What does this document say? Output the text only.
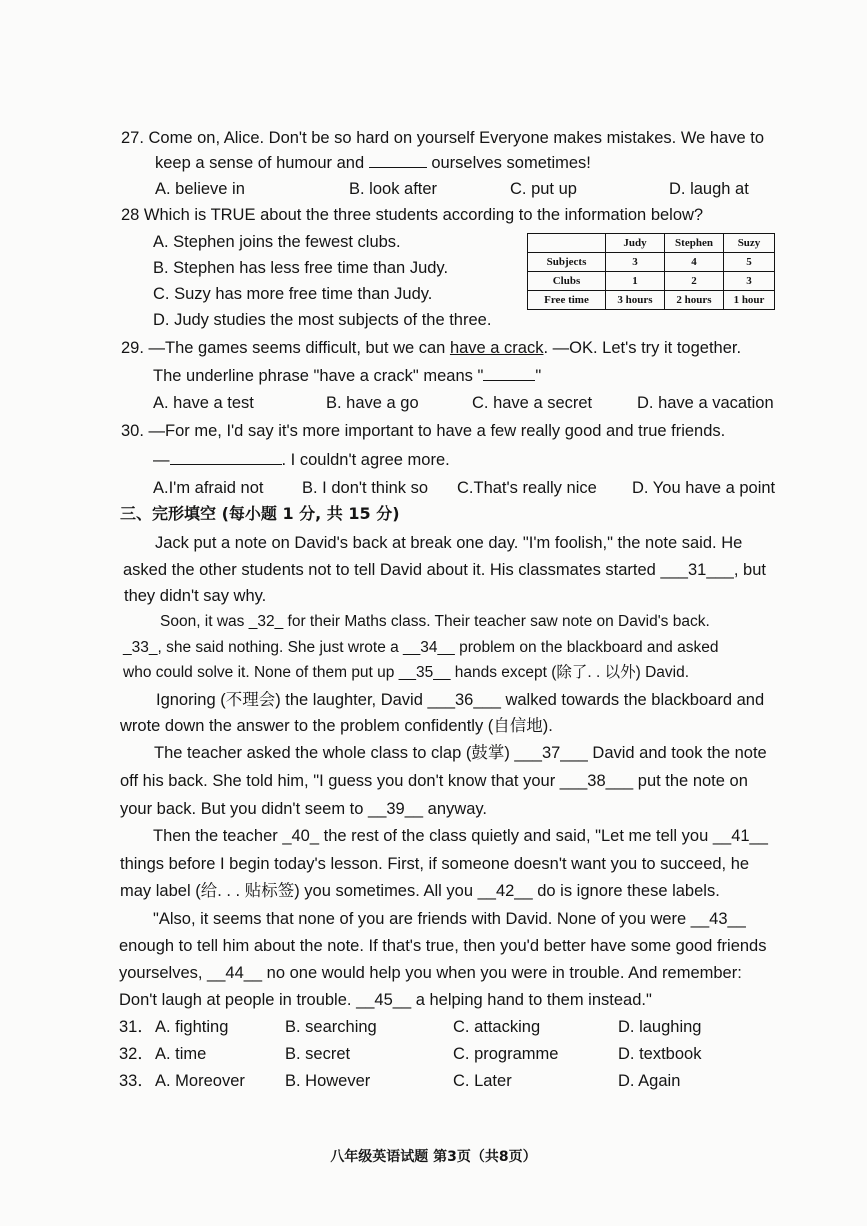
27. Come on, Alice. Don't be so hard on yourself Everyone makes mistakes. We have to
keep a sense of humour and	ourselves sometimes!
A. believe in	B. look after	C. put up	D. laugh at
28 Which is TRUE about the three students according to the information below?
A. Stephen joins the fewest clubs.
B. Stephen has less free time than Judy.
C. Suzy has more free time than Judy.
D. Judy studies the most subjects of the three.
	Judy	Stephen	Suzy
Subjects	3	4	5
Clubs	1	2	3
Free time	3 hours	2 hours	1 hour
29. —The games seems difficult, but we can have a crack. —OK. Let's try it together.
The underline phrase "have a crack" means "	"
A. have a test	B. have a go	C. have a secret	D. have a vacation
30. —For me, I'd say it's more important to have a few really good and true friends.
—	. I couldn't agree more.
A.I'm afraid not B. I don't think so C.That's really nice D. You have a point
三、完形填空 (每小题 1 分, 共 15 分)
Jack put a note on David's back at break one day. "I'm foolish," the note said. He
asked the other students not to tell David about it. His classmates started ___31___, but
they didn't say why.
Soon, it was _32_ for their Maths class. Their teacher saw note on David's back.
_33_, she said nothing. She just wrote a __34__ problem on the blackboard and asked
who could solve it. None of them put up __35__ hands except (除了. . 以外) David.
Ignoring (不理会) the laughter, David ___36___ walked towards the blackboard and
wrote down the answer to the problem confidently (自信地).
The teacher asked the whole class to clap (鼓掌) ___37___ David and took the note
off his back. She told him, "I guess you don't know that your ___38___ put the note on
your back. But you didn't seem to __39__ anyway.
Then the teacher _40_ the rest of the class quietly and said, "Let me tell you __41__
things before I begin today's lesson. First, if someone doesn't want you to succeed, he
may label (给. . . 贴标签) you sometimes. All you __42__ do is ignore these labels.
"Also, it seems that none of you are friends with David. None of you were __43__
enough to tell him about the note. If that's true, then you'd better have some good friends
yourselves, __44__ no one would help you when you were in trouble. And remember:
Don't laugh at people in trouble. __45__ a helping hand to them instead."
31． A. fighting	B. searching	C. attacking	D. laughing
32． A. time	B. secret	C. programme	D. textbook
33． A. Moreover B. However	C. Later	D. Again
八年级英语试题 第3页（共8页）
